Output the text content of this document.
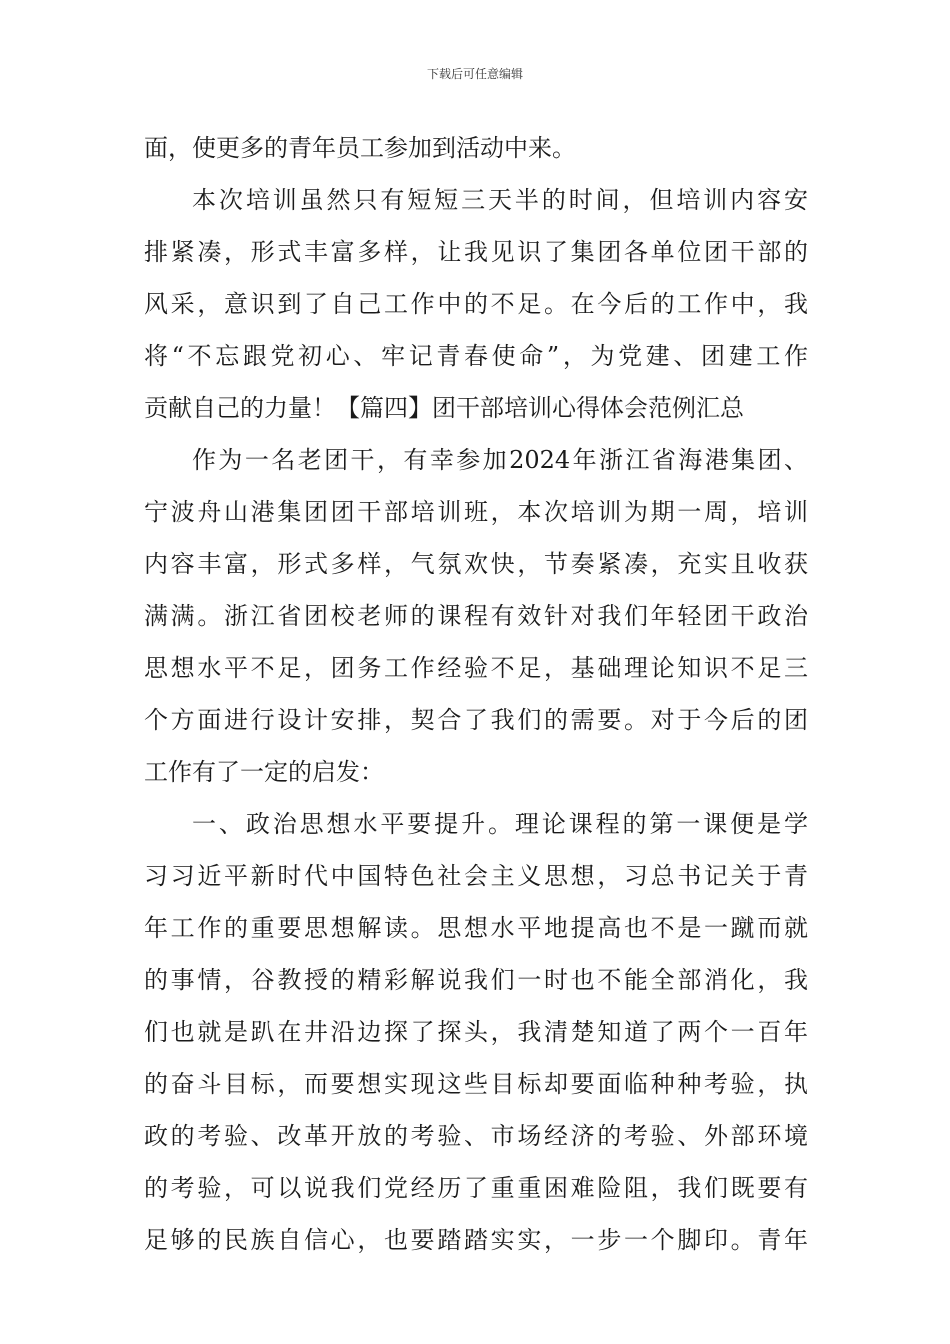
下载后可任意编辑
面，使更多的青年员工参加到活动中来。
本次培训虽然只有短短三天半的时间，但培训内容安
排紧凑，形式丰富多样，让我见识了集团各单位团干部的
风采，意识到了自己工作中的不足。在今后的工作中，我
将“不忘跟党初心、牢记青春使命”，为党建、团建工作
贡献自己的力量！【篇四】团干部培训心得体会范例汇总
作为一名老团干，有幸参加2024年浙江省海港集团、
宁波舟山港集团团干部培训班，本次培训为期一周，培训
内容丰富，形式多样，气氛欢快，节奏紧凑，充实且收获
满满。浙江省团校老师的课程有效针对我们年轻团干政治
思想水平不足，团务工作经验不足，基础理论知识不足三
个方面进行设计安排，契合了我们的需要。对于今后的团
工作有了一定的启发：
一、政治思想水平要提升。理论课程的第一课便是学
习习近平新时代中国特色社会主义思想，习总书记关于青
年工作的重要思想解读。思想水平地提高也不是一蹴而就
的事情，谷教授的精彩解说我们一时也不能全部消化，我
们也就是趴在井沿边探了探头，我清楚知道了两个一百年
的奋斗目标，而要想实现这些目标却要面临种种考验，执
政的考验、改革开放的考验、市场经济的考验、外部环境
的考验，可以说我们党经历了重重困难险阻，我们既要有
足够的民族自信心，也要踏踏实实，一步一个脚印。青年
